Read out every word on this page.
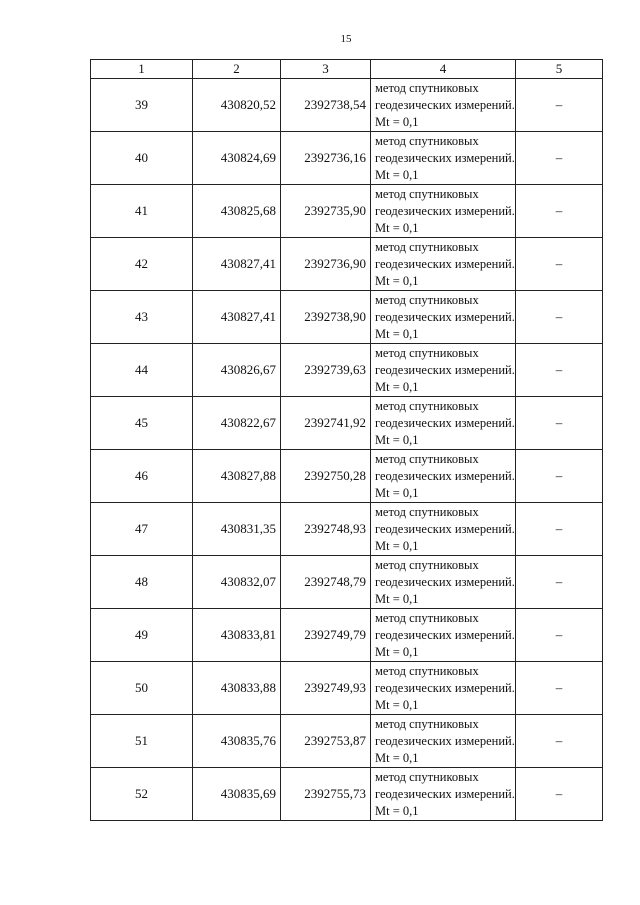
15
1	2	3	4	5
39	430820,52	2392738,54	метод спутниковых геодезических измерений. Mt = 0,1	–
40	430824,69	2392736,16	метод спутниковых геодезических измерений. Mt = 0,1	–
41	430825,68	2392735,90	метод спутниковых геодезических измерений. Mt = 0,1	–
42	430827,41	2392736,90	метод спутниковых геодезических измерений. Mt = 0,1	–
43	430827,41	2392738,90	метод спутниковых геодезических измерений. Mt = 0,1	–
44	430826,67	2392739,63	метод спутниковых геодезических измерений. Mt = 0,1	–
45	430822,67	2392741,92	метод спутниковых геодезических измерений. Mt = 0,1	–
46	430827,88	2392750,28	метод спутниковых геодезических измерений. Mt = 0,1	–
47	430831,35	2392748,93	метод спутниковых геодезических измерений. Mt = 0,1	–
48	430832,07	2392748,79	метод спутниковых геодезических измерений. Mt = 0,1	–
49	430833,81	2392749,79	метод спутниковых геодезических измерений. Mt = 0,1	–
50	430833,88	2392749,93	метод спутниковых геодезических измерений. Mt = 0,1	–
51	430835,76	2392753,87	метод спутниковых геодезических измерений. Mt = 0,1	–
52	430835,69	2392755,73	метод спутниковых геодезических измерений. Mt = 0,1	–
